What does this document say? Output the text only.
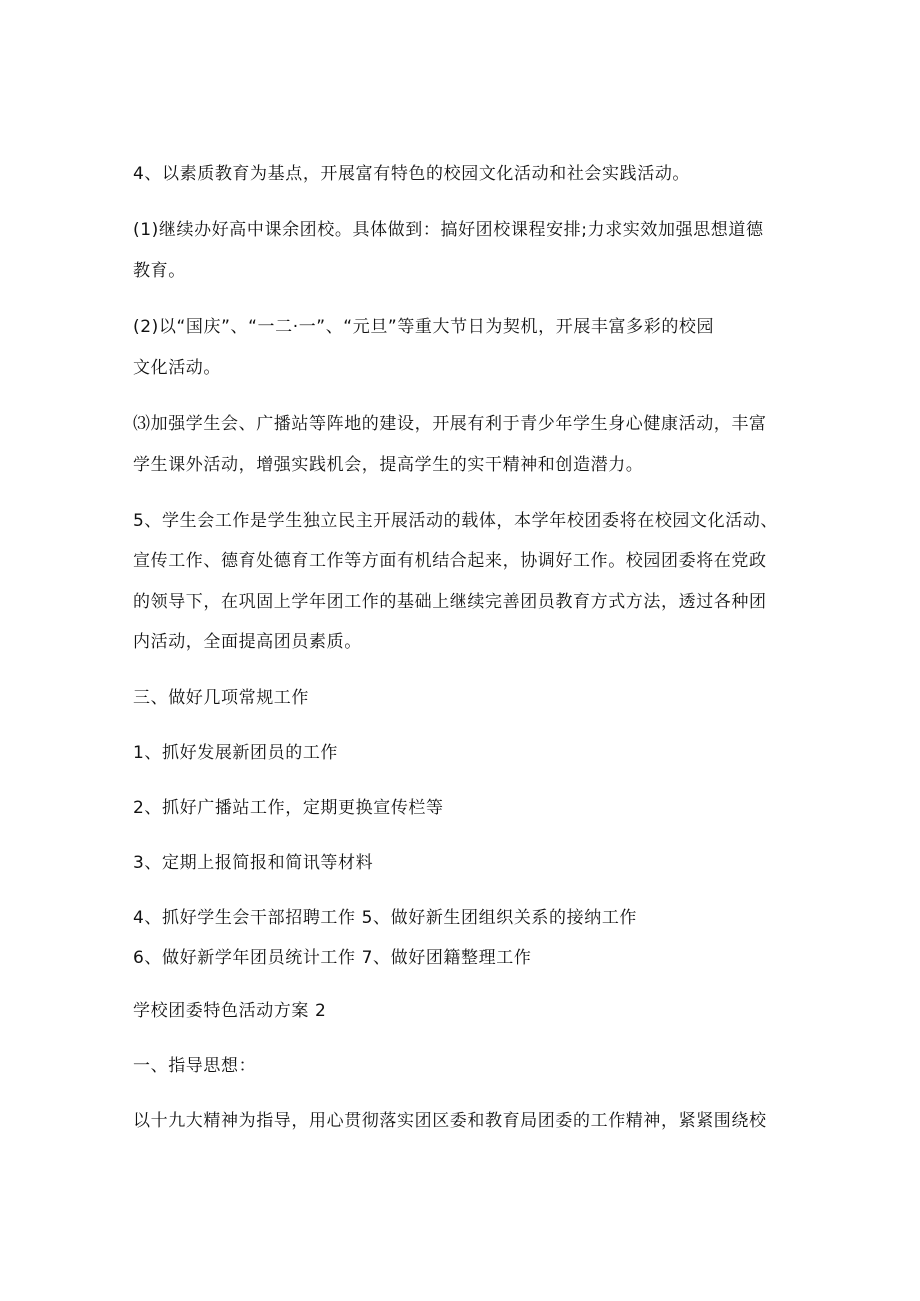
4、以素质教育为基点，开展富有特色的校园文化活动和社会实践活动。
(1)继续办好高中课余团校。具体做到：搞好团校课程安排;力求实效加强思想道德
教育。
(2)以“国庆”、“一二·一”、“元旦”等重大节日为契机，开展丰富多彩的校园
文化活动。
⑶加强学生会、广播站等阵地的建设，开展有利于青少年学生身心健康活动，丰富
学生课外活动，增强实践机会，提高学生的实干精神和创造潜力。
5、学生会工作是学生独立民主开展活动的载体，本学年校团委将在校园文化活动、
宣传工作、德育处德育工作等方面有机结合起来，协调好工作。校园团委将在党政
的领导下，在巩固上学年团工作的基础上继续完善团员教育方式方法，透过各种团
内活动，全面提高团员素质。
三、做好几项常规工作
1、抓好发展新团员的工作
2、抓好广播站工作，定期更换宣传栏等
3、定期上报简报和简讯等材料
4、抓好学生会干部招聘工作 5、做好新生团组织关系的接纳工作
6、做好新学年团员统计工作 7、做好团籍整理工作
学校团委特色活动方案 2
一、指导思想：
以十九大精神为指导，用心贯彻落实团区委和教育局团委的工作精神，紧紧围绕校
